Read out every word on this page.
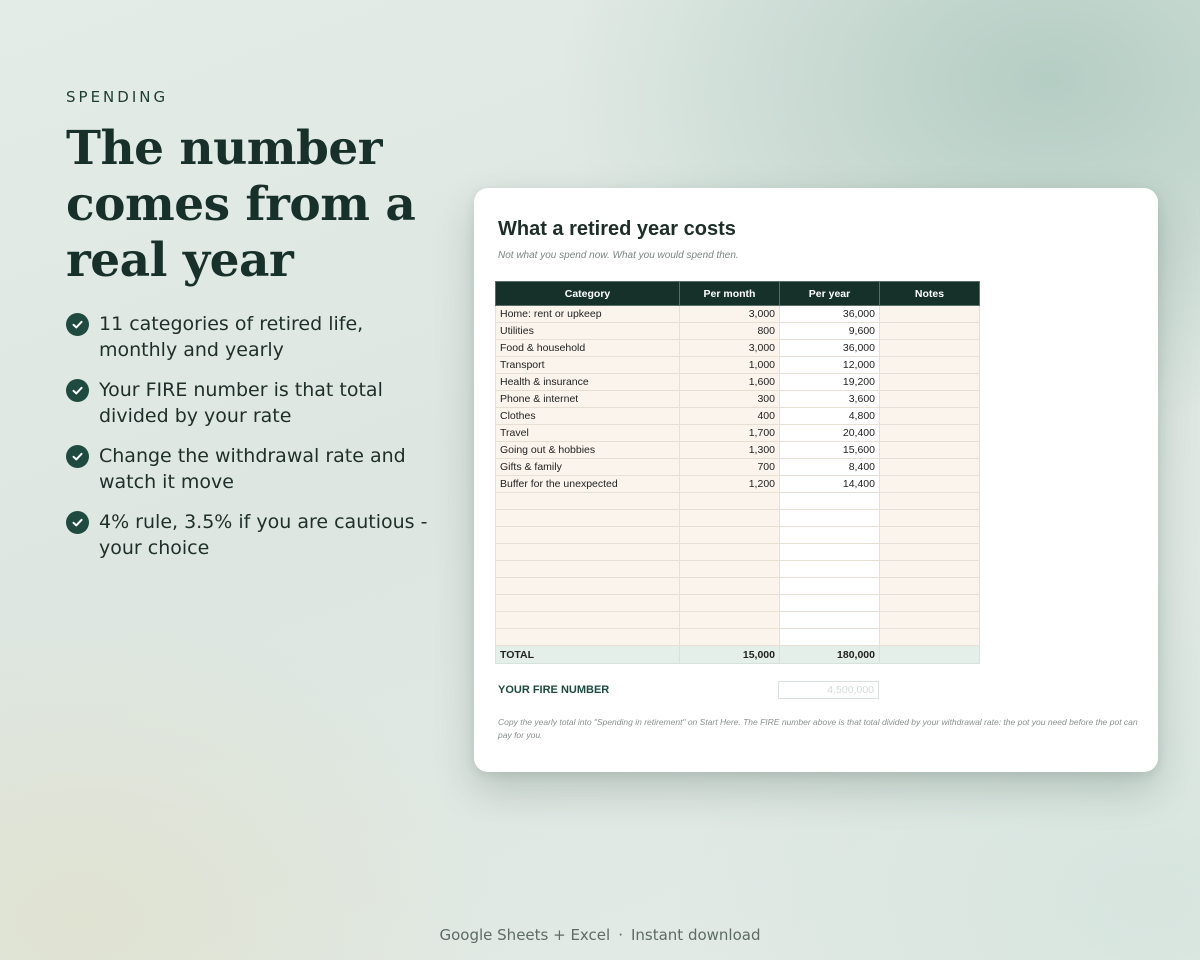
SPENDING
The number comes from a real year
11 categories of retired life, monthly and yearly
Your FIRE number is that total divided by your rate
Change the withdrawal rate and watch it move
4% rule, 3.5% if you are cautious - your choice
What a retired year costs
Not what you spend now. What you would spend then.
Category	Per month	Per year	Notes
Home: rent or upkeep	3,000	36,000	
Utilities	800	9,600	
Food & household	3,000	36,000	
Transport	1,000	12,000	
Health & insurance	1,600	19,200	
Phone & internet	300	3,600	
Clothes	400	4,800	
Travel	1,700	20,400	
Going out & hobbies	1,300	15,600	
Gifts & family	700	8,400	
Buffer for the unexpected	1,200	14,400	

TOTAL	15,000	180,000	
YOUR FIRE NUMBER	4,500,000
Copy the yearly total into "Spending in retirement" on Start Here. The FIRE number above is that total divided by your withdrawal rate: the pot you need before the pot can pay for you.
Google Sheets + Excel · Instant download
